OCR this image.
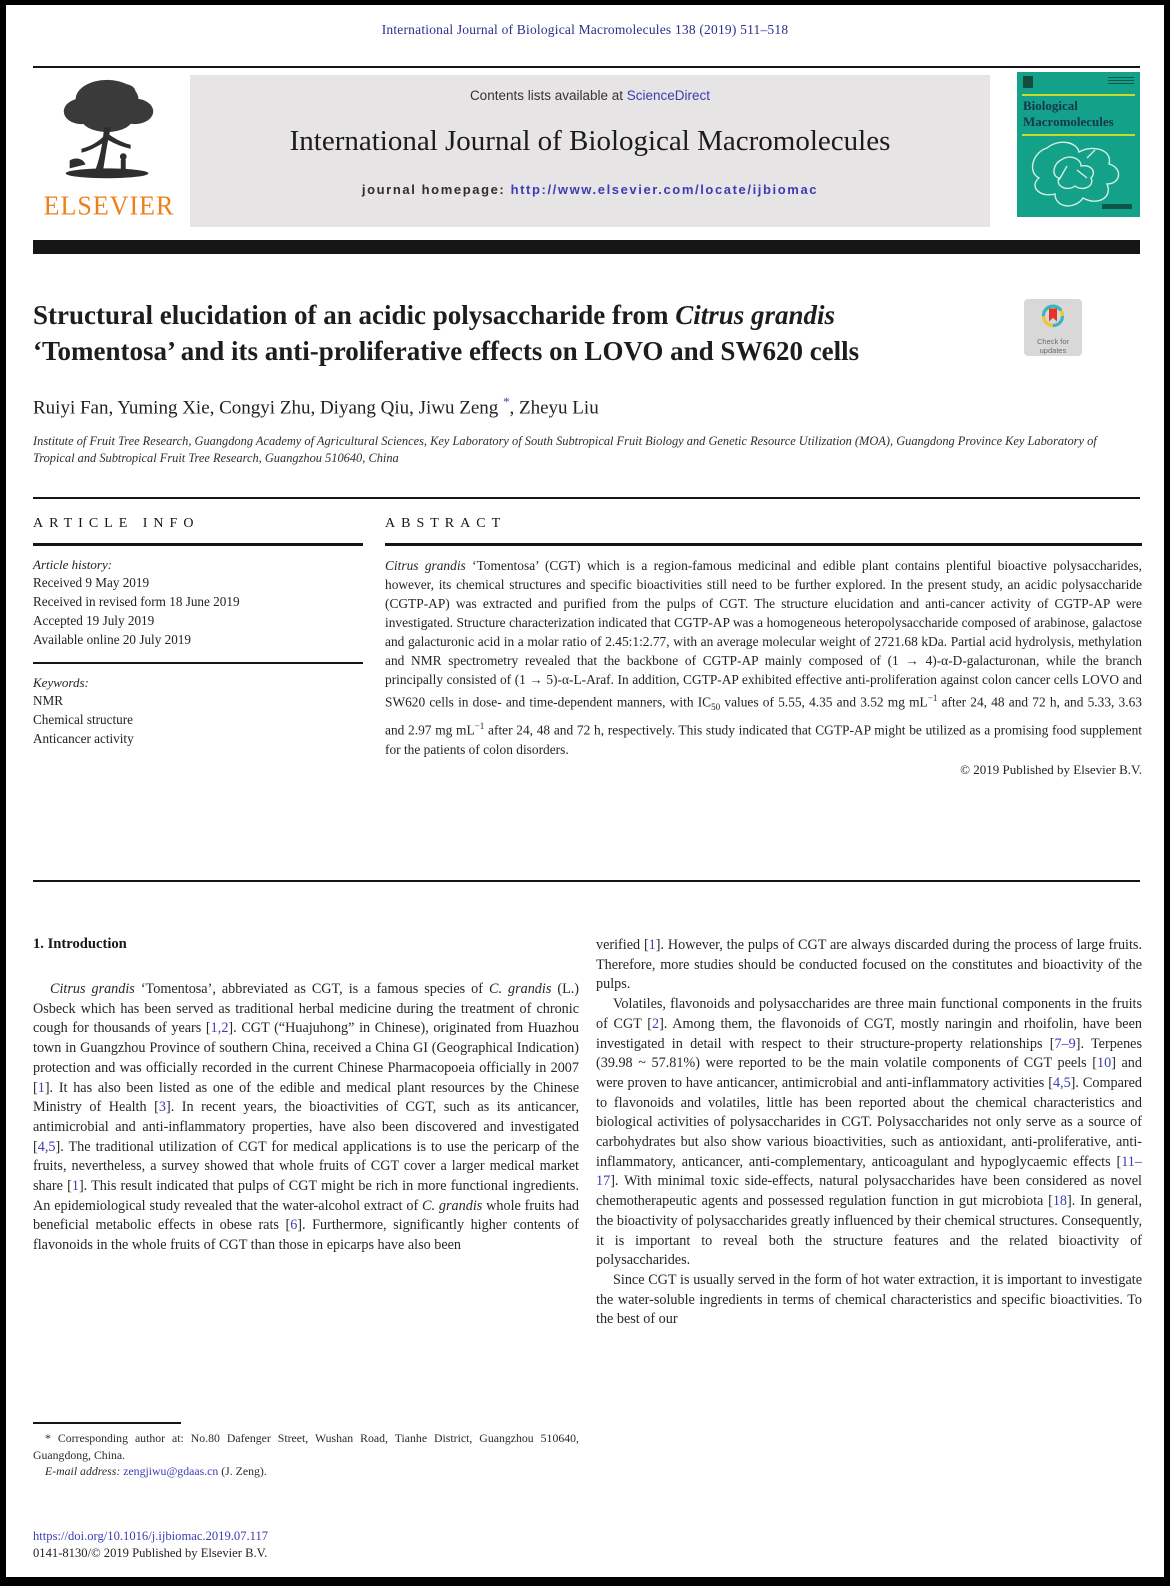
International Journal of Biological Macromolecules 138 (2019) 511–518
ELSEVIER
Contents lists available at ScienceDirect
International Journal of Biological Macromolecules
journal homepage: http://www.elsevier.com/locate/ijbiomac
Biological
Macromolecules
Structural elucidation of an acidic polysaccharide from Citrus grandis ‘Tomentosa’ and its anti-proliferative effects on LOVO and SW620 cells	Check for
updates
Ruiyi Fan, Yuming Xie, Congyi Zhu, Diyang Qiu, Jiwu Zeng *, Zheyu Liu
Institute of Fruit Tree Research, Guangdong Academy of Agricultural Sciences, Key Laboratory of South Subtropical Fruit Biology and Genetic Resource Utilization (MOA), Guangdong Province Key Laboratory of Tropical and Subtropical Fruit Tree Research, Guangzhou 510640, China
ARTICLE INFO
Article history:
Received 9 May 2019
Received in revised form 18 June 2019
Accepted 19 July 2019
Available online 20 July 2019
Keywords:
NMR
Chemical structure
Anticancer activity
ABSTRACT

Citrus grandis ‘Tomentosa’ (CGT) which is a region-famous medicinal and edible plant contains plentiful bioactive polysaccharides, however, its chemical structures and specific bioactivities still need to be further explored. In the present study, an acidic polysaccharide (CGTP-AP) was extracted and purified from the pulps of CGT. The structure elucidation and anti-cancer activity of CGTP-AP were investigated. Structure characterization indicated that CGTP-AP was a homogeneous heteropolysaccharide composed of arabinose, galactose and galacturonic acid in a molar ratio of 2.45:1:2.77, with an average molecular weight of 2721.68 kDa. Partial acid hydrolysis, methylation and NMR spectrometry revealed that the backbone of CGTP-AP mainly composed of (1 → 4)-α-D-galacturonan, while the branch principally consisted of (1 → 5)-α-L-Araf. In addition, CGTP-AP exhibited effective anti-proliferation against colon cancer cells LOVO and SW620 cells in dose- and time-dependent manners, with $IC_{50}$ values of 5.55, 4.35 and 3.52 mg $mL^{-1}$ after 24, 48 and 72 h, and 5.33, 3.63 and 2.97 mg $mL^{-1}$ after 24, 48 and 72 h, respectively. This study indicated that CGTP-AP might be utilized as a promising food supplement for the patients of colon disorders.

© 2019 Published by Elsevier B.V.
1. Introduction

Citrus grandis ‘Tomentosa’, abbreviated as CGT, is a famous species of C. grandis (L.) Osbeck which has been served as traditional herbal medicine during the treatment of chronic cough for thousands of years [1,2]. CGT (“Huajuhong” in Chinese), originated from Huazhou town in Guangzhou Province of southern China, received a China GI (Geographical Indication) protection and was officially recorded in the current Chinese Pharmacopoeia officially in 2007 [1]. It has also been listed as one of the edible and medical plant resources by the Chinese Ministry of Health [3]. In recent years, the bioactivities of CGT, such as its anticancer, antimicrobial and anti-inflammatory properties, have also been discovered and investigated [4,5]. The traditional utilization of CGT for medical applications is to use the pericarp of the fruits, nevertheless, a survey showed that whole fruits of CGT cover a larger medical market share [1]. This result indicated that pulps of CGT might be rich in more functional ingredients. An epidemiological study revealed that the water-alcohol extract of C. grandis whole fruits had beneficial metabolic effects in obese rats [6]. Furthermore, significantly higher contents of flavonoids in the whole fruits of CGT than those in epicarps have also been

verified [1]. However, the pulps of CGT are always discarded during the process of large fruits. Therefore, more studies should be conducted focused on the constitutes and bioactivity of the pulps.

Volatiles, flavonoids and polysaccharides are three main functional components in the fruits of CGT [2]. Among them, the flavonoids of CGT, mostly naringin and rhoifolin, have been investigated in detail with respect to their structure-property relationships [7–9]. Terpenes (39.98 ~ 57.81%) were reported to be the main volatile components of CGT peels [10] and were proven to have anticancer, antimicrobial and anti-inflammatory activities [4,5]. Compared to flavonoids and volatiles, little has been reported about the chemical characteristics and biological activities of polysaccharides in CGT. Polysaccharides not only serve as a source of carbohydrates but also show various bioactivities, such as antioxidant, anti-proliferative, anti-inflammatory, anticancer, anti-complementary, anticoagulant and hypoglycaemic effects [11–17]. With minimal toxic side-effects, natural polysaccharides have been considered as novel chemotherapeutic agents and possessed regulation function in gut microbiota [18]. In general, the bioactivity of polysaccharides greatly influenced by their chemical structures. Consequently, it is important to reveal both the structure features and the related bioactivity of polysaccharides.

Since CGT is usually served in the form of hot water extraction, it is important to investigate the water-soluble ingredients in terms of chemical characteristics and specific bioactivities. To the best of our

* Corresponding author at: No.80 Dafenger Street, Wushan Road, Tianhe District, Guangzhou 510640, Guangdong, China.
E-mail address: zengjiwu@gdaas.cn (J. Zeng).
https://doi.org/10.1016/j.ijbiomac.2019.07.117
0141-8130/© 2019 Published by Elsevier B.V.
